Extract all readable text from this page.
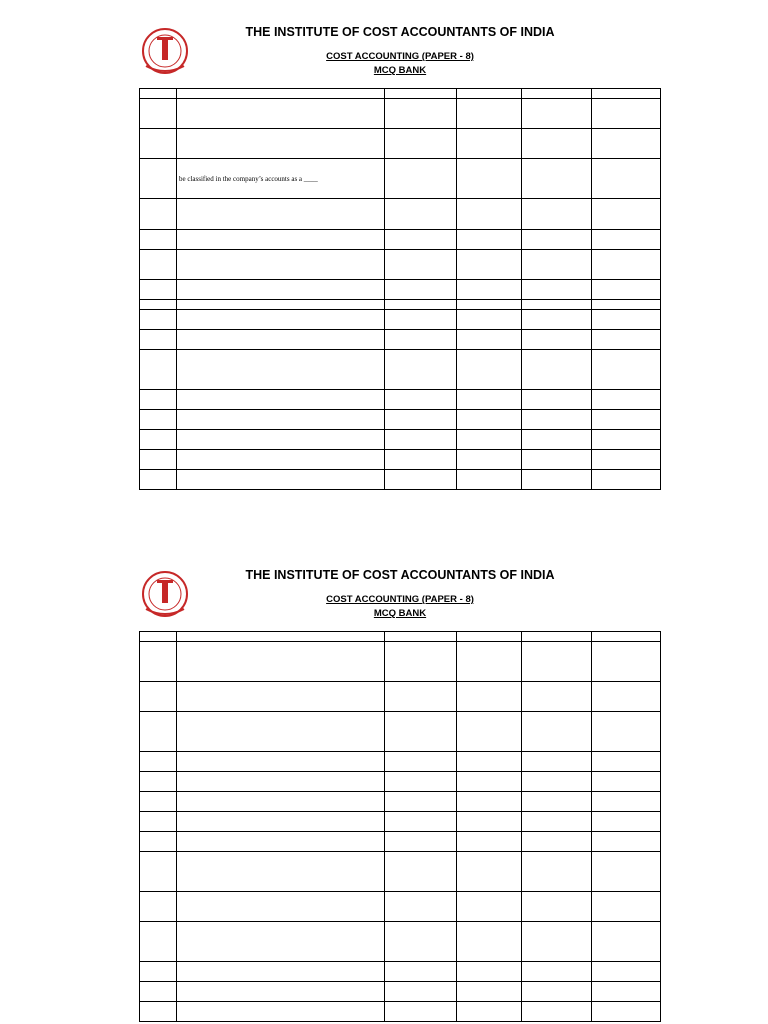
THE INSTITUTE OF COST ACCOUNTANTS OF INDIA
COST ACCOUNTING (PAPER - 8)
MCQ BANK

	be classified in the company’s accounts as a ____				

THE INSTITUTE OF COST ACCOUNTANTS OF INDIA
COST ACCOUNTING (PAPER - 8)
MCQ BANK
